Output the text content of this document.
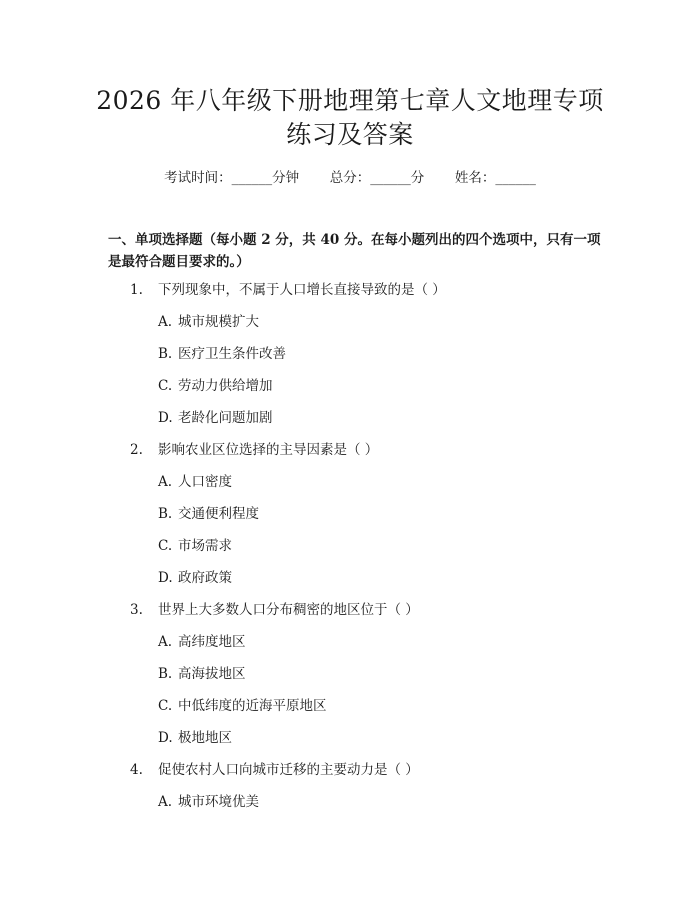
2026 年八年级下册地理第七章人文地理专项
练习及答案
考试时间：______分钟 总分：______分 姓名：______
一、单项选择题（每小题 2 分，共 40 分。在每小题列出的四个选项中，只有一项
是最符合题目要求的。）
1. 下列现象中，不属于人口增长直接导致的是（ ）
A. 城市规模扩大
B. 医疗卫生条件改善
C. 劳动力供给增加
D. 老龄化问题加剧
2. 影响农业区位选择的主导因素是（ ）
A. 人口密度
B. 交通便利程度
C. 市场需求
D. 政府政策
3. 世界上大多数人口分布稠密的地区位于（ ）
A. 高纬度地区
B. 高海拔地区
C. 中低纬度的近海平原地区
D. 极地地区
4. 促使农村人口向城市迁移的主要动力是（ ）
A. 城市环境优美
